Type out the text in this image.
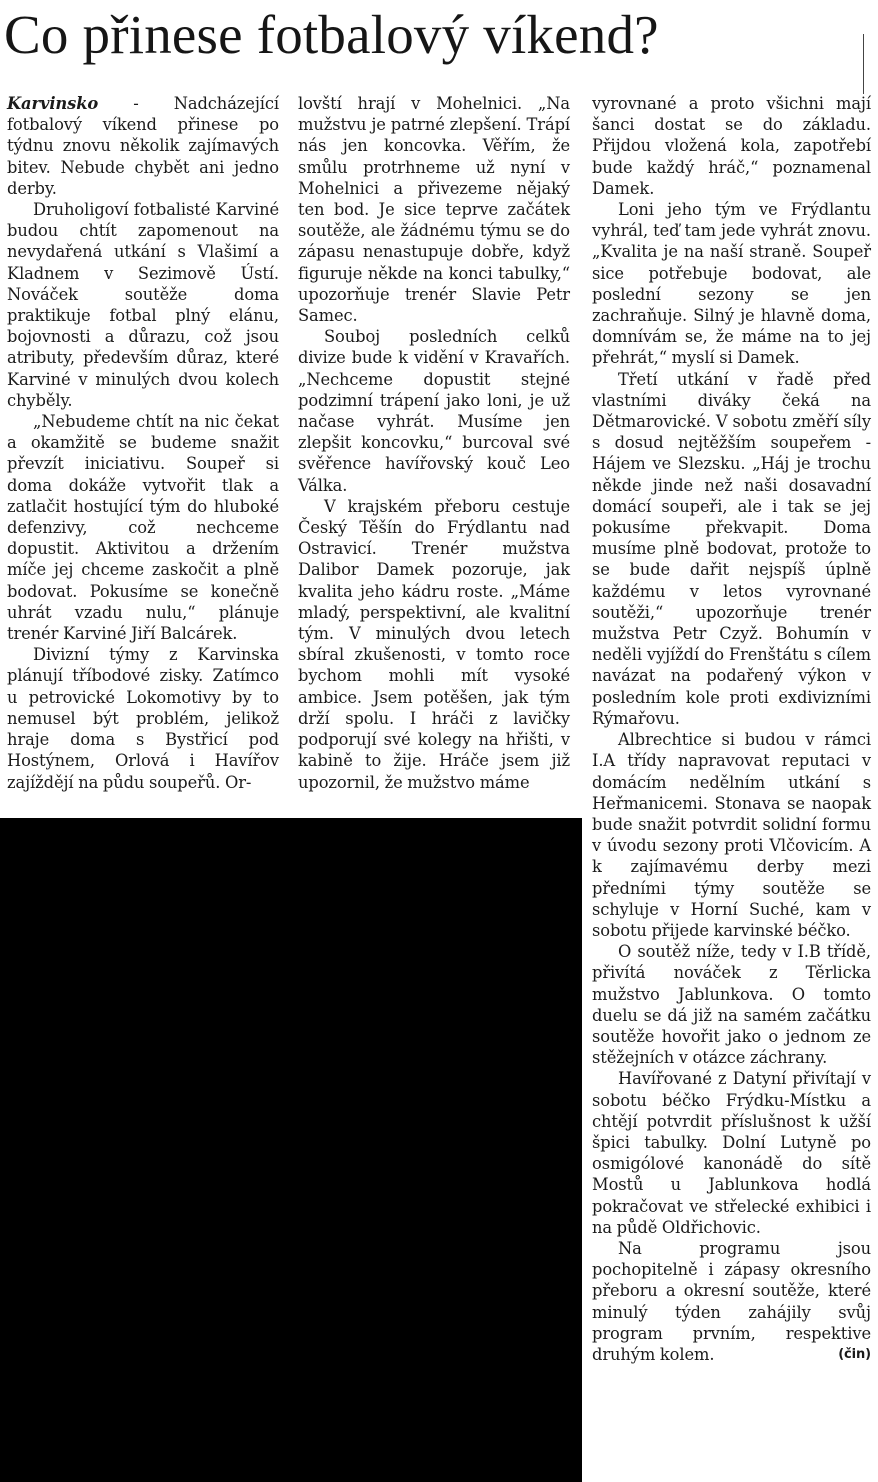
Co přinese fotbalový víkend?

Karvinsko - Nadcházející fotbalový víkend přinese po týdnu znovu několik zajímavých bitev. Nebude chybět ani jedno derby.

Druholigoví fotbalisté Karviné budou chtít zapomenout na nevydařená utkání s Vlašimí a Kladnem v Sezimově Ústí. Nováček soutěže doma praktikuje fotbal plný elánu, bojovnosti a důrazu, což jsou atributy, především důraz, které Karviné v minulých dvou kolech chyběly.

„Nebudeme chtít na nic čekat a okamžitě se budeme snažit převzít iniciativu. Soupeř si doma dokáže vytvořit tlak a zatlačit hostující tým do hluboké defenzivy, což nechceme dopustit. Aktivitou a držením míče jej chceme zaskočit a plně bodovat. Pokusíme se konečně uhrát vzadu nulu,“ plánuje trenér Karviné Jiří Balcárek.

Divizní týmy z Karvinska plánují tříbodové zisky. Zatímco u petrovické Lokomotivy by to nemusel být problém, jelikož hraje doma s Bystřicí pod Hostýnem, Orlová i Havířov zajíždějí na půdu soupeřů. Or-

lovští hrají v Mohelnici. „Na mužstvu je patrné zlepšení. Trápí nás jen koncovka. Věřím, že smůlu protrhneme už nyní v Mohelnici a přivezeme nějaký ten bod. Je sice teprve začátek soutěže, ale žádnému týmu se do zápasu nenastupuje dobře, když figuruje někde na konci tabulky,“ upozorňuje trenér Slavie Petr Samec.

Souboj posledních celků divize bude k vidění v Kravařích. „Nechceme dopustit stejné podzimní trápení jako loni, je už načase vyhrát. Musíme jen zlepšit koncovku,“ burcoval své svěřence havířovský kouč Leo Válka.

V krajském přeboru cestuje Český Těšín do Frýdlantu nad Ostravicí. Trenér mužstva Dalibor Damek pozoruje, jak kvalita jeho kádru roste. „Máme mladý, perspektivní, ale kvalitní tým. V minulých dvou letech sbíral zkušenosti, v tomto roce bychom mohli mít vysoké ambice. Jsem potěšen, jak tým drží spolu. I hráči z lavičky podporují své kolegy na hřišti, v kabině to žije. Hráče jsem již upozornil, že mužstvo máme

vyrovnané a proto všichni mají šanci dostat se do základu. Přijdou vložená kola, zapotřebí bude každý hráč,“ poznamenal Damek.

Loni jeho tým ve Frýdlantu vyhrál, teď tam jede vyhrát znovu. „Kvalita je na naší straně. Soupeř sice potřebuje bodovat, ale poslední sezony se jen zachraňuje. Silný je hlavně doma, domnívám se, že máme na to jej přehrát,“ myslí si Damek.

Třetí utkání v řadě před vlastními diváky čeká na Dětmarovické. V sobotu změří síly s dosud nejtěžším soupeřem - Hájem ve Slezsku. „Háj je trochu někde jinde než naši dosavadní domácí soupeři, ale i tak se jej pokusíme překvapit. Doma musíme plně bodovat, protože to se bude dařit nejspíš úplně každému v letos vyrovnané soutěži,“ upozorňuje trenér mužstva Petr Czyž. Bohumín v neděli vyjíždí do Frenštátu s cílem navázat na podařený výkon v posledním kole proti exdivizními Rýmařovu.

Albrechtice si budou v rámci I.A třídy napravovat reputaci v domácím nedělním utkání s Heřmanicemi. Stonava se naopak bude snažit potvrdit solidní formu v úvodu sezony proti Vlčovicím. A k zajímavému derby mezi předními týmy soutěže se schyluje v Horní Suché, kam v sobotu přijede karvinské béčko.

O soutěž níže, tedy v I.B třídě, přivítá nováček z Těrlicka mužstvo Jablunkova. O tomto duelu se dá již na samém začátku soutěže hovořit jako o jednom ze stěžejních v otázce záchrany.

Havířované z Datyní přivítají v sobotu béčko Frýdku-Místku a chtějí potvrdit příslušnost k užší špici tabulky. Dolní Lutyně po osmigólové kanonádě do sítě Mostů u Jablunkova hodlá pokračovat ve střelecké exhibici i na půdě Oldřichovic.

Na programu jsou pochopitelně i zápasy okresního přeboru a okresní soutěže, které minulý týden zahájily svůj program prvním, respektive druhým kolem.	(čin)
